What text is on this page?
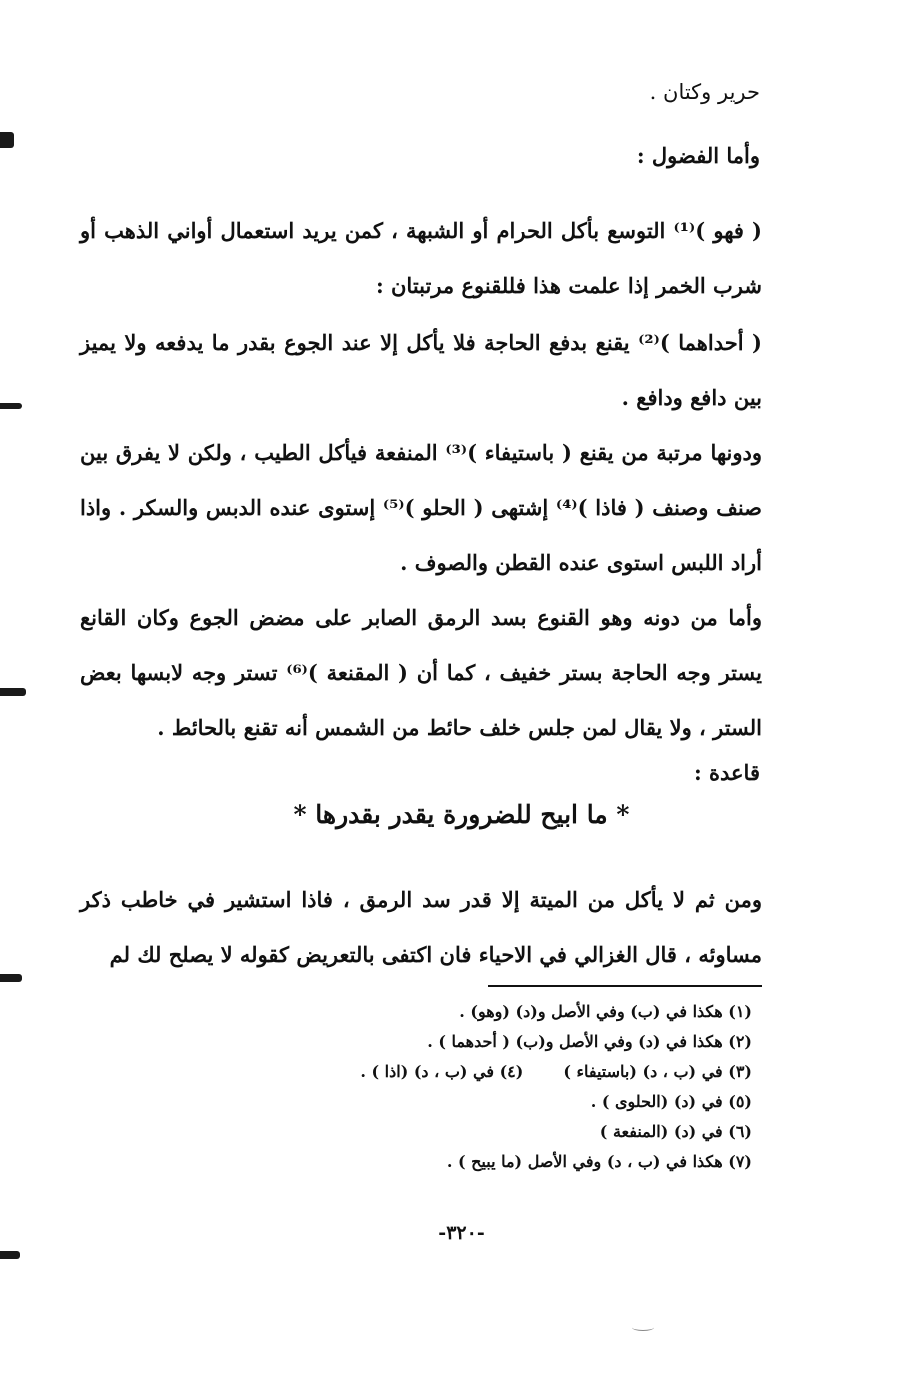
حرير وكتان .
وأما الفضول :

( فهو )⁽¹⁾ التوسع بأكل الحرام أو الشبهة ، كمن يريد استعمال أواني الذهب أو شرب الخمر إذا علمت هذا فللقنوع مرتبتان :

( أحداهما )⁽²⁾ يقنع بدفع الحاجة فلا يأكل إلا عند الجوع بقدر ما يدفعه ولا يميز بين دافع ودافع .

ودونها مرتبة من يقنع ( باستيفاء )⁽³⁾ المنفعة فيأكل الطيب ، ولكن لا يفرق بين صنف وصنف ( فاذا )⁽⁴⁾ إشتهى ( الحلو )⁽⁵⁾ إستوى عنده الدبس والسكر . واذا أراد اللبس استوى عنده القطن والصوف .

وأما من دونه وهو القنوع بسد الرمق الصابر على مضض الجوع وكان القانع يستر وجه الحاجة بستر خفيف ، كما أن ( المقنعة )⁽⁶⁾ تستر وجه لابسها بعض الستر ، ولا يقال لمن جلس خلف حائط من الشمس أنه تقنع بالحائط .

قاعدة :
* ما ابيح للضرورة يقدر بقدرها *

ومن ثم لا يأكل من الميتة إلا قدر سد الرمق ، فاذا استشير في خاطب ذكر مساوئه ، قال الغزالي في الاحياء فان اكتفى بالتعريض كقوله لا يصلح لك لم

(١) هكذا في (ب) وفي الأصل و(د) (وهو) .
(٢) هكذا في (د) وفي الأصل و(ب) ( أحدهما ) .
(٣) في (ب ، د) (باستيفاء )
(٤) في (ب ، د) (اذا ) .
(٥) في (د) (الحلوى ) .
(٦) في (د) (المنفعة )
(٧) هكذا في (ب ، د) وفي الأصل (ما يبيح ) .
-٣٢٠-
